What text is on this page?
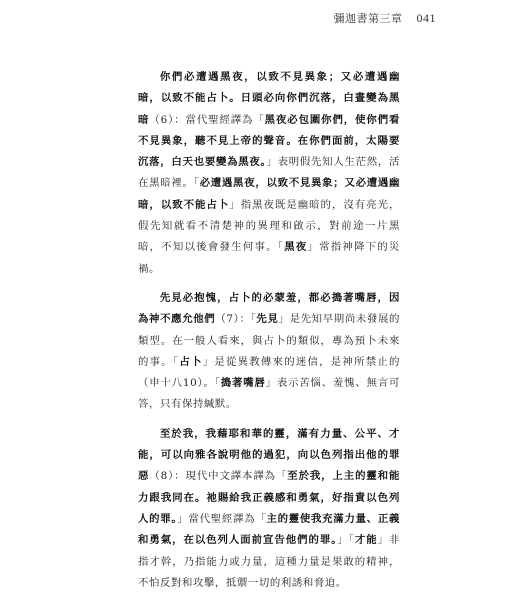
彌迦書第三章 041

你們必遭遇黑夜，以致不見異象；又必遭遇幽暗，以致不能占卜。日頭必向你們沉落，白晝變為黑暗（6）：當代聖經譯為「黑夜必包圍你們，使你們看不見異象，聽不見上帝的聲音。在你們面前，太陽要沉落，白天也要變為黑夜。」表明假先知人生茫然，活在黑暗裡。「必遭遇黑夜，以致不見異象；又必遭遇幽暗，以致不能占卜」指黑夜既是幽暗的，沒有亮光，假先知就看不清楚神的異理和啟示，對前途一片黑暗，不知以後會發生何事。「黑夜」常指神降下的災禍。

先見必抱愧，占卜的必蒙羞，都必搗著嘴唇，因為神不應允他們（7）：「先見」是先知早期尚未發展的類型。在一般人看來，與占卜的類似，專為預卜未來的事。「占卜」是從異教傳來的迷信，是神所禁止的（申十八10）。「搗著嘴唇」表示苦惱、羞愧、無言可答，只有保持緘默。

至於我，我藉耶和華的靈，滿有力量、公平、才能，可以向雅各說明他的過犯，向以色列指出他的罪惡（8）：現代中文譯本譯為「至於我，上主的靈和能力跟我同在。祂賜給我正義感和勇氣，好指責以色列人的罪。」當代聖經譯為「主的靈使我充滿力量、正義和勇氣，在以色列人面前宣告他們的罪。」「才能」非指才幹，乃指能力或力量，這種力量是果敢的精神，不怕反對和攻擊，抵禦一切的利誘和脅迫。
